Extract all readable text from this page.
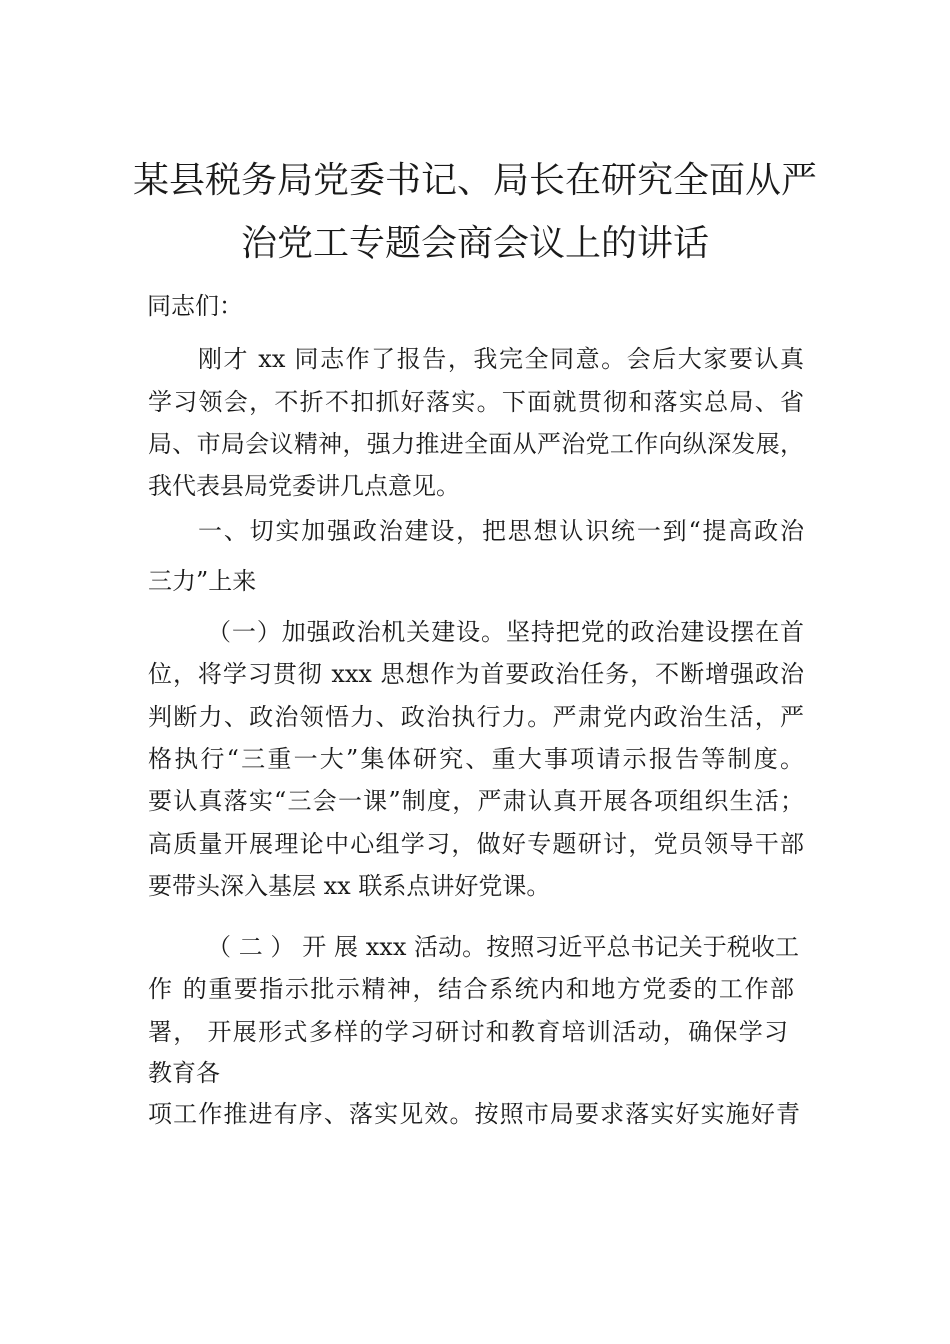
某县税务局党委书记、局长在研究全面从严
治党工专题会商会议上的讲话
同志们：
刚才 xx 同志作了报告，我完全同意。会后大家要认真
学习领会，不折不扣抓好落实。下面就贯彻和落实总局、省
局、市局会议精神，强力推进全面从严治党工作向纵深发展，
我代表县局党委讲几点意见。
一、切实加强政治建设，把思想认识统一到“提高政治
三力”上来
（一）加强政治机关建设。坚持把党的政治建设摆在首
位，将学习贯彻 xxx 思想作为首要政治任务，不断增强政治
判断力、政治领悟力、政治执行力。严肃党内政治生活，严
格执行“三重一大”集体研究、重大事项请示报告等制度。
要认真落实“三会一课”制度，严肃认真开展各项组织生活；
高质量开展理论中心组学习，做好专题研讨，党员领导干部
要带头深入基层 xx 联系点讲好党课。
（ 二 ） 开 展 xxx 活动。按照习近平总书记关于税收工
作 的重要指示批示精神，结合系统内和地方党委的工作部
署， 开展形式多样的学习研讨和教育培训活动，确保学习
教育各
项工作推进有序、落实见效。按照市局要求落实好实施好青
